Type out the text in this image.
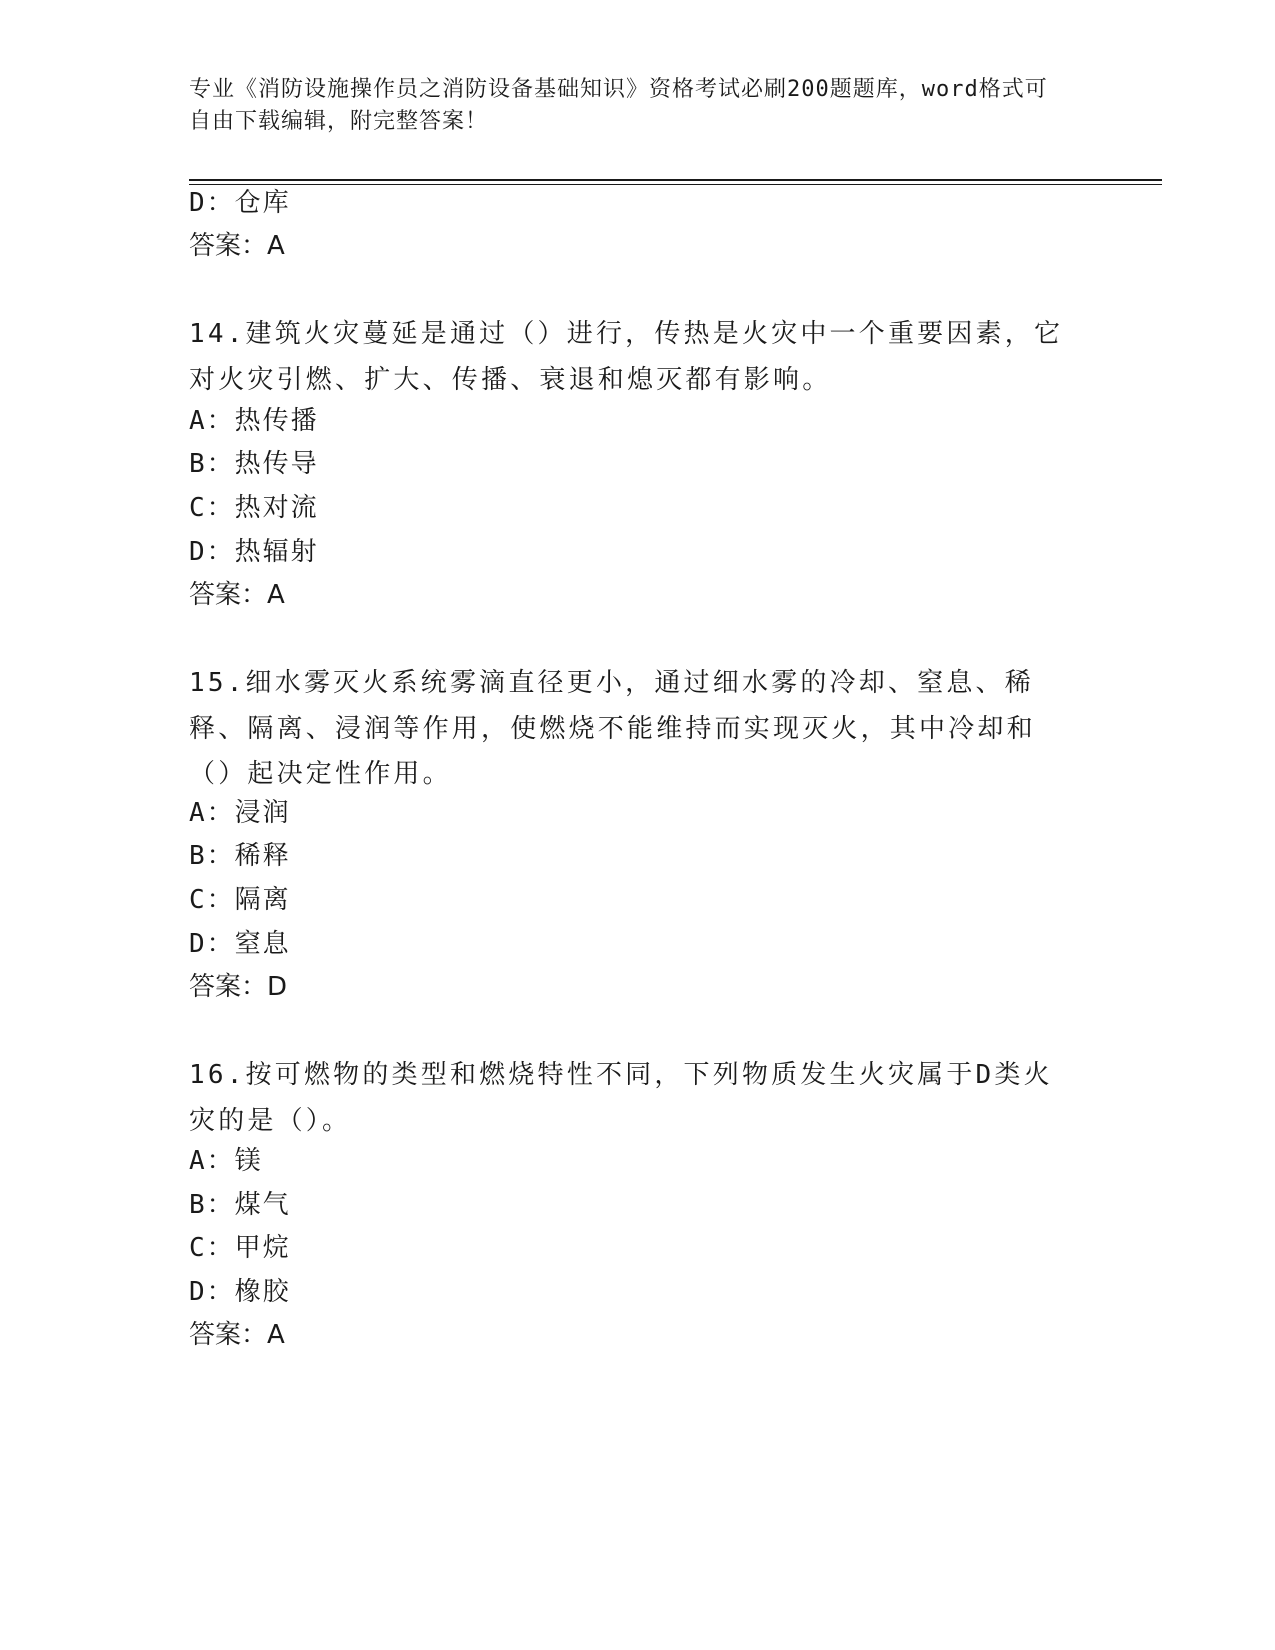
专业《消防设施操作员之消防设备基础知识》资格考试必刷200题题库，word格式可自由下载编辑，附完整答案！
D：仓库
答案：A
14.建筑火灾蔓延是通过（）进行，传热是火灾中一个重要因素，它对火灾引燃、扩大、传播、衰退和熄灭都有影响。
A：热传播
B：热传导
C：热对流
D：热辐射
答案：A
15.细水雾灭火系统雾滴直径更小，通过细水雾的冷却、窒息、稀释、隔离、浸润等作用，使燃烧不能维持而实现灭火，其中冷却和（）起决定性作用。
A：浸润
B：稀释
C：隔离
D：窒息
答案：D
16.按可燃物的类型和燃烧特性不同，下列物质发生火灾属于D类火灾的是（）。
A：镁
B：煤气
C：甲烷
D：橡胶
答案：A
